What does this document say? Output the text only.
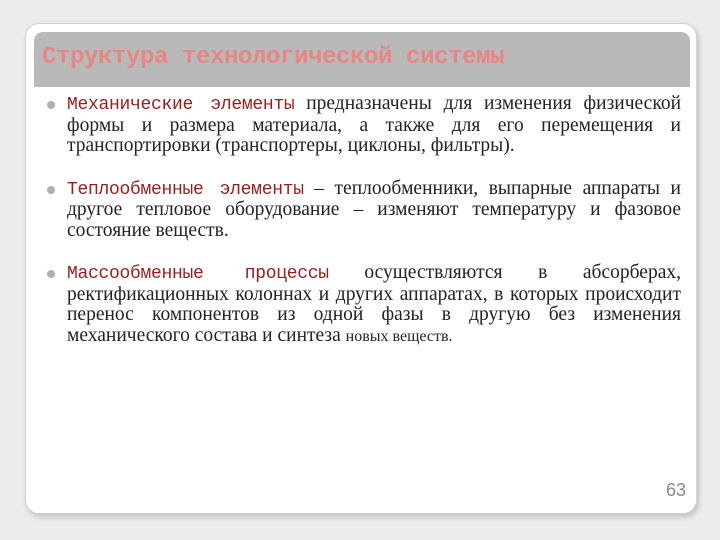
Структура технологической системы
Механические элементы предназначены для изменения физической формы и размера материала, а также для его перемещения и транспортировки (транспортеры, циклоны, фильтры).
Теплообменные элементы – теплообменники, выпарные аппараты и другое тепловое оборудование – изменяют температуру и фазовое состояние веществ.
Массообменные процессы осуществляются в абсорберах, ректификационных колоннах и других аппаратах, в которых происходит перенос компонентов из одной фазы в другую без изменения механического состава и синтеза новых веществ.
63
